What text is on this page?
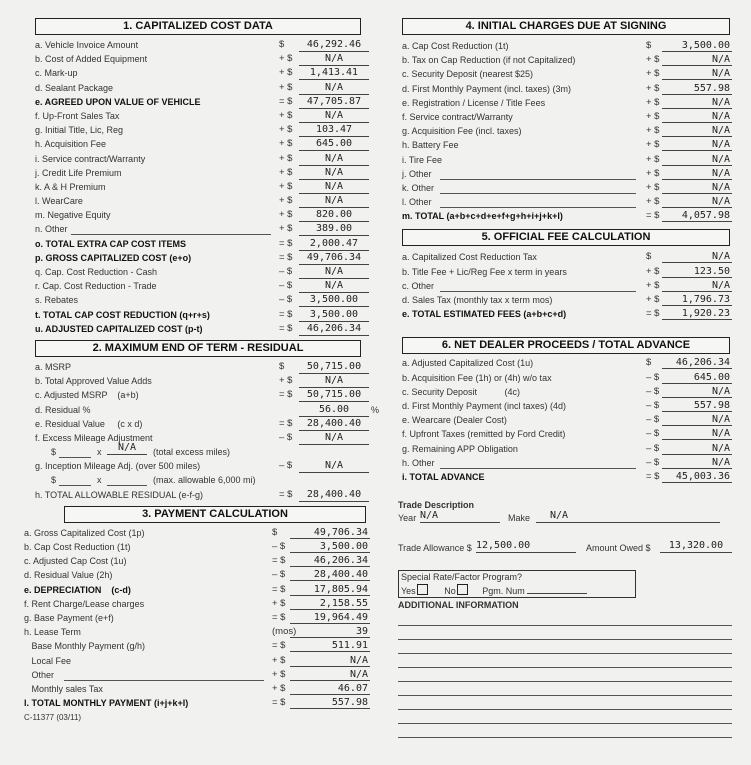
1. CAPITALIZED COST DATA
a. Vehicle Invoice Amount	$	46,292.46
b. Cost of Added Equipment	+ $	N/A
c. Mark-up	+ $	1,413.41
d. Sealant Package	+ $	N/A
e. AGREED UPON VALUE OF VEHICLE	= $	47,705.87
f. Up-Front Sales Tax	+ $	N/A
g. Initial Title, Lic, Reg	+ $	103.47
h. Acquisition Fee	+ $	645.00
i. Service contract/Warranty	+ $	N/A
j. Credit Life Premium	+ $	N/A
k. A & H Premium	+ $	N/A
l. WearCare	+ $	N/A
m. Negative Equity	+ $	820.00
n. Other	+ $	389.00
o. TOTAL EXTRA CAP COST ITEMS	= $	2,000.47
p. GROSS CAPITALIZED COST (e+o)	= $	49,706.34
q. Cap. Cost Reduction - Cash	– $	N/A
r. Cap. Cost Reduction - Trade	– $	N/A
s. Rebates	– $	3,500.00
t. TOTAL CAP COST REDUCTION (q+r+s)	= $	3,500.00
u. ADJUSTED CAPITALIZED COST (p-t)	= $	46,206.34
2. MAXIMUM END OF TERM - RESIDUAL
a. MSRP	$	50,715.00
b. Total Approved Value Adds	+ $	N/A
c. Adjusted MSRP    (a+b)	= $	50,715.00
d. Residual %	56.00	%
e. Residual Value     (c x d)	= $	28,400.40
f. Excess Mileage Adjustment	– $	N/A
$	x	N/A	(total excess miles)
g. Inception Mileage Adj. (over 500 miles)	– $	N/A
$	x	(max. allowable 6,000 mi)
h. TOTAL ALLOWABLE RESIDUAL (e-f-g)	= $	28,400.40
3. PAYMENT CALCULATION
a. Gross Capitalized Cost (1p)	$	49,706.34
b. Cap Cost Reduction (1t)	– $	3,500.00
c. Adjusted Cap Cost (1u)	= $	46,206.34
d. Residual Value (2h)	– $	28,400.40
e. DEPRECIATION    (c-d)	= $	17,805.94
f. Rent Charge/Lease charges	+ $	2,158.55
g. Base Payment (e+f)	= $	19,964.49
h. Lease Term	(mos)	39
Base Monthly Payment (g/h)	= $	511.91
Local Fee	+ $	N/A
Other	+ $	N/A
Monthly sales Tax	+ $	46.07
l. TOTAL MONTHLY PAYMENT (i+j+k+l)	= $	557.98
C-11377 (03/11)
4. INITIAL CHARGES DUE AT SIGNING
a. Cap Cost Reduction (1t)	$	3,500.00
b. Tax on Cap Reduction (if not Capitalized)	+ $	N/A
c. Security Deposit (nearest $25)	+ $	N/A
d. First Monthly Payment (incl. taxes) (3m)	+ $	557.98
e. Registration / License / Title Fees	+ $	N/A
f. Service contract/Warranty	+ $	N/A
g. Acquisition Fee (incl. taxes)	+ $	N/A
h. Battery Fee	+ $	N/A
i. Tire Fee	+ $	N/A
j. Other	+ $	N/A
k. Other	+ $	N/A
l. Other	+ $	N/A
m. TOTAL (a+b+c+d+e+f+g+h+i+j+k+l)	= $	4,057.98
5. OFFICIAL FEE CALCULATION
a. Capitalized Cost Reduction Tax	$	N/A
b. Title Fee + Lic/Reg Fee x term in years	+ $	123.50
c. Other	+ $	N/A
d. Sales Tax (monthly tax x term mos)	+ $	1,796.73
e. TOTAL ESTIMATED FEES (a+b+c+d)	= $	1,920.23
6. NET DEALER PROCEEDS / TOTAL ADVANCE
a. Adjusted Capitalized Cost (1u)	$	46,206.34
b. Acquisition Fee (1h) or (4h) w/o tax	– $	645.00
c. Security Deposit           (4c)	– $	N/A
d. First Monthly Payment (incl taxes) (4d)	– $	557.98
e. Wearcare (Dealer Cost)	– $	N/A
f. Upfront Taxes (remitted by Ford Credit)	– $	N/A
g. Remaining APP Obligation	– $	N/A
h. Other	– $	N/A
i. TOTAL ADVANCE	= $	45,003.36
Trade Description
Year N/A	Make	N/A
Trade Allowance $ 12,500.00	Amount Owed $	13,320.00
Special Rate/Factor Program?
Yes	No	Pgm. Num
ADDITIONAL INFORMATION
